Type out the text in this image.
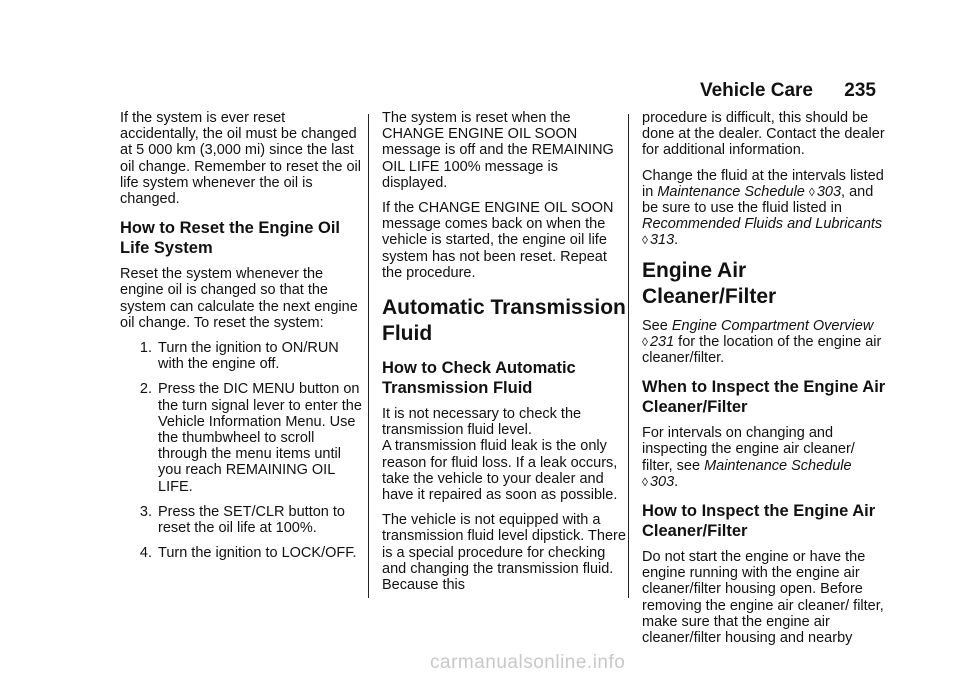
Vehicle Care 235

If the system is ever reset accidentally, the oil must be changed at 5 000 km (3,000 mi) since the last oil change. Remember to reset the oil life system whenever the oil is changed.

How to Reset the Engine Oil Life System

Reset the system whenever the engine oil is changed so that the system can calculate the next engine oil change. To reset the system:

1. Turn the ignition to ON/RUN with the engine off.
2. Press the DIC MENU button on the turn signal lever to enter the Vehicle Information Menu. Use the thumbwheel to scroll through the menu items until you reach REMAINING OIL LIFE.
3. Press the SET/CLR button to reset the oil life at 100%.
4. Turn the ignition to LOCK/OFF.

The system is reset when the CHANGE ENGINE OIL SOON message is off and the REMAINING OIL LIFE 100% message is displayed.

If the CHANGE ENGINE OIL SOON message comes back on when the vehicle is started, the engine oil life system has not been reset. Repeat the procedure.

Automatic Transmission Fluid
How to Check Automatic Transmission Fluid

It is not necessary to check the transmission fluid level.

A transmission fluid leak is the only reason for fluid loss. If a leak occurs, take the vehicle to your dealer and have it repaired as soon as possible.

The vehicle is not equipped with a transmission fluid level dipstick. There is a special procedure for checking and changing the transmission fluid. Because this

procedure is difficult, this should be done at the dealer. Contact the dealer for additional information.

Change the fluid at the intervals listed in Maintenance Schedule ◊ 303, and be sure to use the fluid listed in Recommended Fluids and Lubricants ◊ 313.

Engine Air Cleaner/Filter

See Engine Compartment Overview ◊ 231 for the location of the engine air cleaner/filter.

When to Inspect the Engine Air Cleaner/Filter

For intervals on changing and inspecting the engine air cleaner/ filter, see Maintenance Schedule ◊ 303.

How to Inspect the Engine Air Cleaner/Filter

Do not start the engine or have the engine running with the engine air cleaner/filter housing open. Before removing the engine air cleaner/ filter, make sure that the engine air cleaner/filter housing and nearby

carmanualsonline.info
